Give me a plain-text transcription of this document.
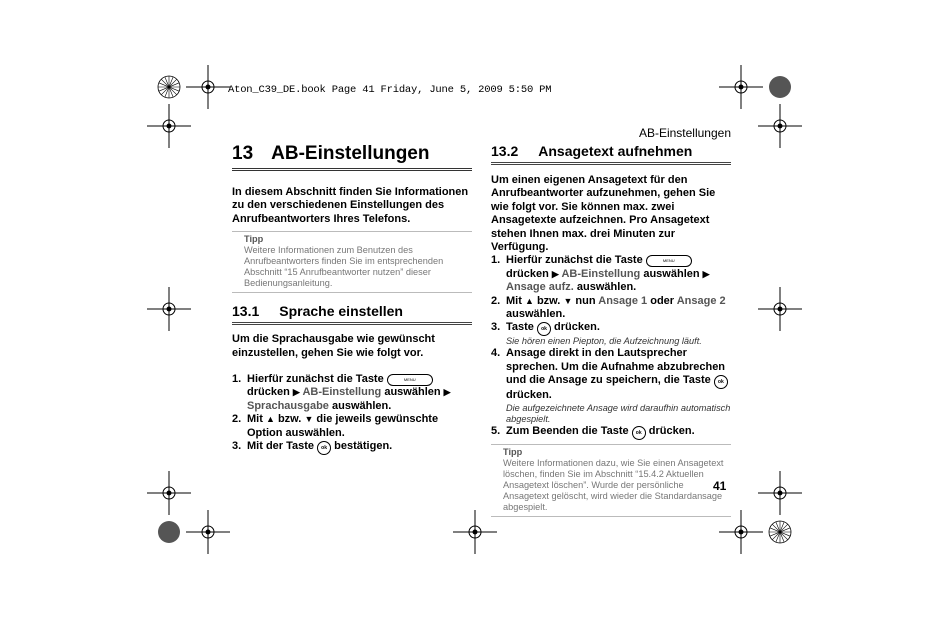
Aton_C39_DE.book Page 41 Friday, June 5, 2009 5:50 PM
AB-Einstellungen
41
13 AB-Einstellungen

In diesem Abschnitt finden Sie Informationen zu den verschiedenen Einstellungen des Anrufbeantworters Ihres Telefons.

Tipp
Weitere Informationen zum Benutzen des Anrufbeantworters finden Sie im entsprechenden Abschnitt “15 Anrufbeantworter nutzen” dieser Bedienungsanleitung.
13.1 Sprache einstellen

Um die Sprachausgabe wie gewünscht einzustellen, gehen Sie wie folgt vor.

1. Hierfür zunächst die Taste	MENU drücken ▶ AB-Einstellung auswählen ▶ Sprachausgabe auswählen.
2. Mit ▲ bzw. ▼ die jeweils gewünschte Option auswählen.
3. Mit der Taste ok bestätigen.
13.2 Ansagetext aufnehmen

Um einen eigenen Ansagetext für den Anrufbeantworter aufzunehmen, gehen Sie wie folgt vor. Sie können max. zwei Ansagetexte aufzeichnen. Pro Ansagetext stehen Ihnen max. drei Minuten zur Verfügung.

1. Hierfür zunächst die Taste	MENU drücken ▶ AB-Einstellung auswählen ▶ Ansage aufz. auswählen.
2. Mit ▲ bzw. ▼ nun Ansage 1 oder Ansage 2 auswählen.
3. Taste ok drücken.
Sie hören einen Piepton, die Aufzeichnung läuft.
4. Ansage direkt in den Lautsprecher sprechen. Um die Aufnahme abzubrechen und die Ansage zu speichern, die Taste ok drücken.
Die aufgezeichnete Ansage wird daraufhin automatisch abgespielt.
5. Zum Beenden die Taste ok drücken.
Tipp
Weitere Informationen dazu, wie Sie einen Ansagetext löschen, finden Sie im Abschnitt “15.4.2 Aktuellen Ansagetext löschen”. Wurde der persönliche Ansagetext gelöscht, wird wieder die Standardansage abgespielt.
